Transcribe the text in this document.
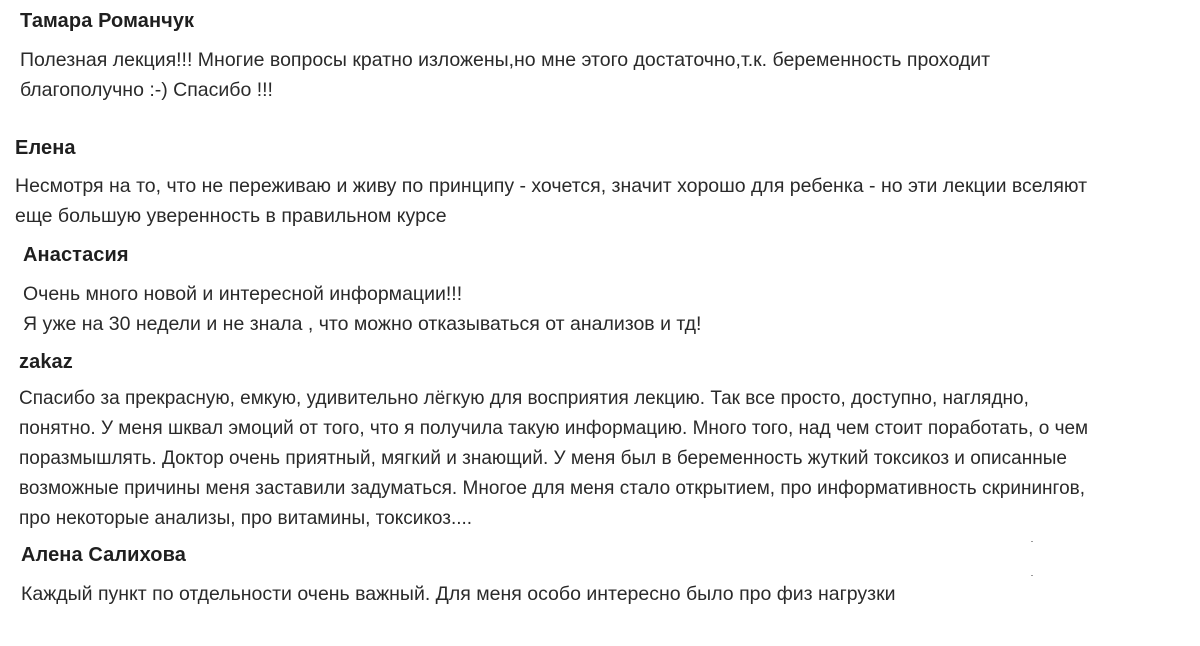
Тамара Романчук
Полезная лекция!!! Многие вопросы кратно изложены,но мне этого достаточно,т.к. беременность проходит
благополучно :-) Спасибо !!!
Елена
Несмотря на то, что не переживаю и живу по принципу - хочется, значит хорошо для ребенка - но эти лекции вселяют
еще большую уверенность в правильном курсе
Анастасия
Очень много новой и интересной информации!!!
Я уже на 30 недели и не знала , что можно отказываться от анализов и тд!
zakaz
Спасибо за прекрасную, емкую, удивительно лёгкую для восприятия лекцию. Так все просто, доступно, наглядно,
понятно. У меня шквал эмоций от того, что я получила такую информацию. Много того, над чем стоит поработать, о чем
поразмышлять. Доктор очень приятный, мягкий и знающий. У меня был в беременность жуткий токсикоз и описанные
возможные причины меня заставили задуматься. Многое для меня стало открытием, про информативность скринингов,
про некоторые анализы, про витамины, токсикоз....
Алена Салихова
Каждый пункт по отдельности очень важный. Для меня особо интересно было про физ нагрузки
